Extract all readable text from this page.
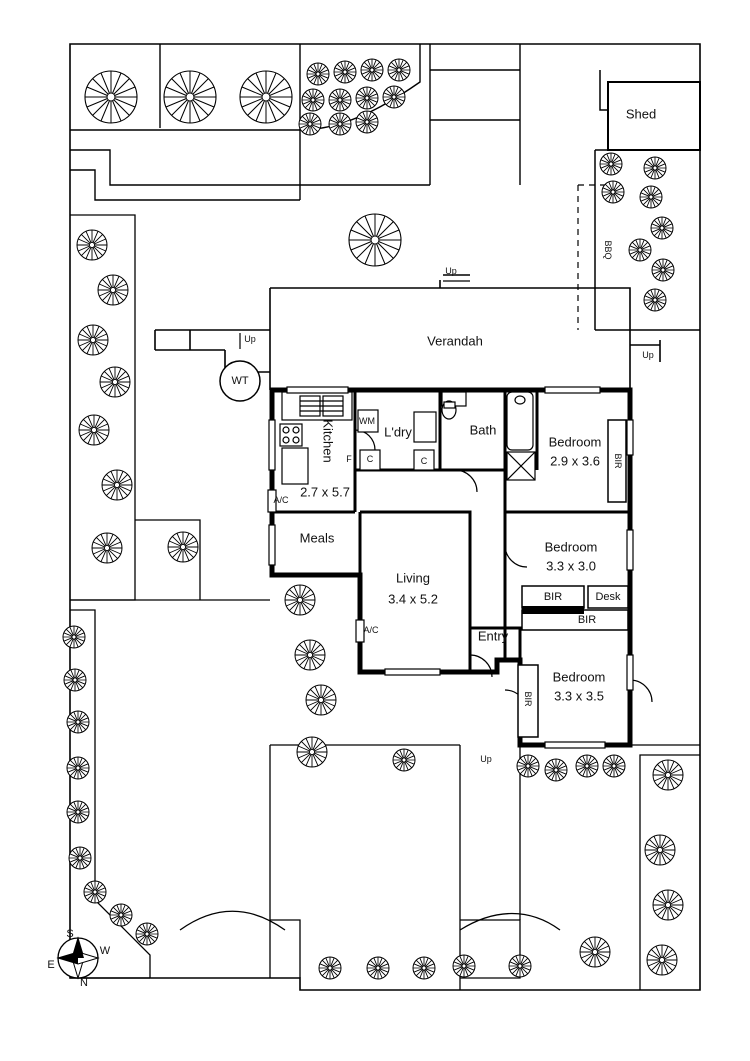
Shed
Verandah
Kitchen
2.7 x 5.7
L'dry	Bath
Meals
Living
3.4 x 5.2
Entry
Bedroom
2.9 x 3.6
Bedroom
3.3 x 3.0
Bedroom
3.3 x 3.5
WT
WM
F C	C
BBQ
BIR
BIR	Desk
BIR
BIR
A/C
A/C
Up
Up
Up
Up
S
N
E
W
